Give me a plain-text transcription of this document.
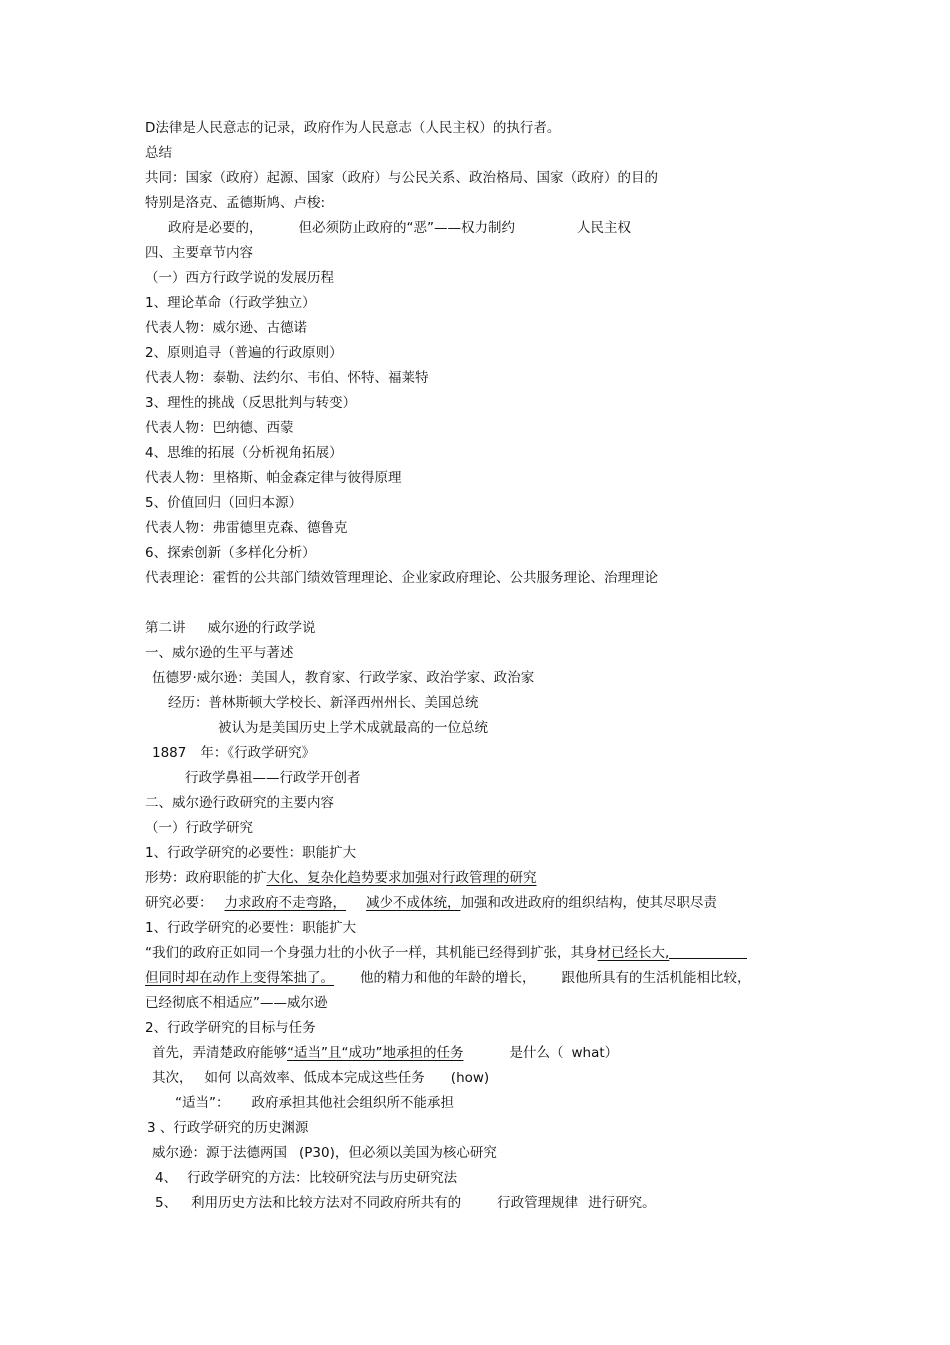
D法律是人民意志的记录，政府作为人民意志（人民主权）的执行者。

总结

共同：国家（政府）起源、国家（政府）与公民关系、政治格局、国家（政府）的目的

特别是洛克、孟德斯鸠、卢梭:

政府是必要的，	但必须防止政府的“恶”——权力制约	人民主权

四、主要章节内容

（一）西方行政学说的发展历程

1、理论革命（行政学独立）

代表人物：威尔逊、古德诺

2、原则追寻（普遍的行政原则）

代表人物：泰勒、法约尔、韦伯、怀特、福莱特

3、理性的挑战（反思批判与转变）

代表人物：巴纳德、西蒙

4、思维的拓展（分析视角拓展）

代表人物：里格斯、帕金森定律与彼得原理

5、价值回归（回归本源）

代表人物：弗雷德里克森、德鲁克

6、探索创新（多样化分析）

代表理论：霍哲的公共部门绩效管理理论、企业家政府理论、公共服务理论、治理理论

第二讲 威尔逊的行政学说

一、威尔逊的生平与著述

伍德罗·威尔逊：美国人，教育家、行政学家、政治学家、政治家

经历：普林斯顿大学校长、新泽西州州长、美国总统

被认为是美国历史上学术成就最高的一位总统

1887 年：《行政学研究》

行政学鼻祖——行政学开创者

二、威尔逊行政研究的主要内容

（一）行政学研究

1、行政学研究的必要性：职能扩大

形势：政府职能的扩大化、复杂化趋势要求加强对行政管理的研究

研究必要： 力求政府不走弯路， 减少不成体统，加强和改进政府的组织结构，使其尽职尽责

1、行政学研究的必要性：职能扩大

“我们的政府正如同一个身强力壮的小伙子一样，其机能已经得到扩张，其身材已经长大,

但同时却在动作上变得笨拙了。 他的精力和他的年龄的增长， 跟他所具有的生活机能相比较，

已经彻底不相适应”——威尔逊

2、行政学研究的目标与任务

首先，弄清楚政府能够“适当”且“成功”地承担的任务	是什么（ what）

其次， 如何 以高效率、低成本完成这些任务 (how)

“适当”： 政府承担其他社会组织所不能承担

3 、行政学研究的历史渊源

威尔逊：源于法德两国 (P30)，但必须以美国为核心研究

4、 行政学研究的方法：比较研究法与历史研究法

5、 利用历史方法和比较方法对不同政府所共有的	行政管理规律 进行研究。
